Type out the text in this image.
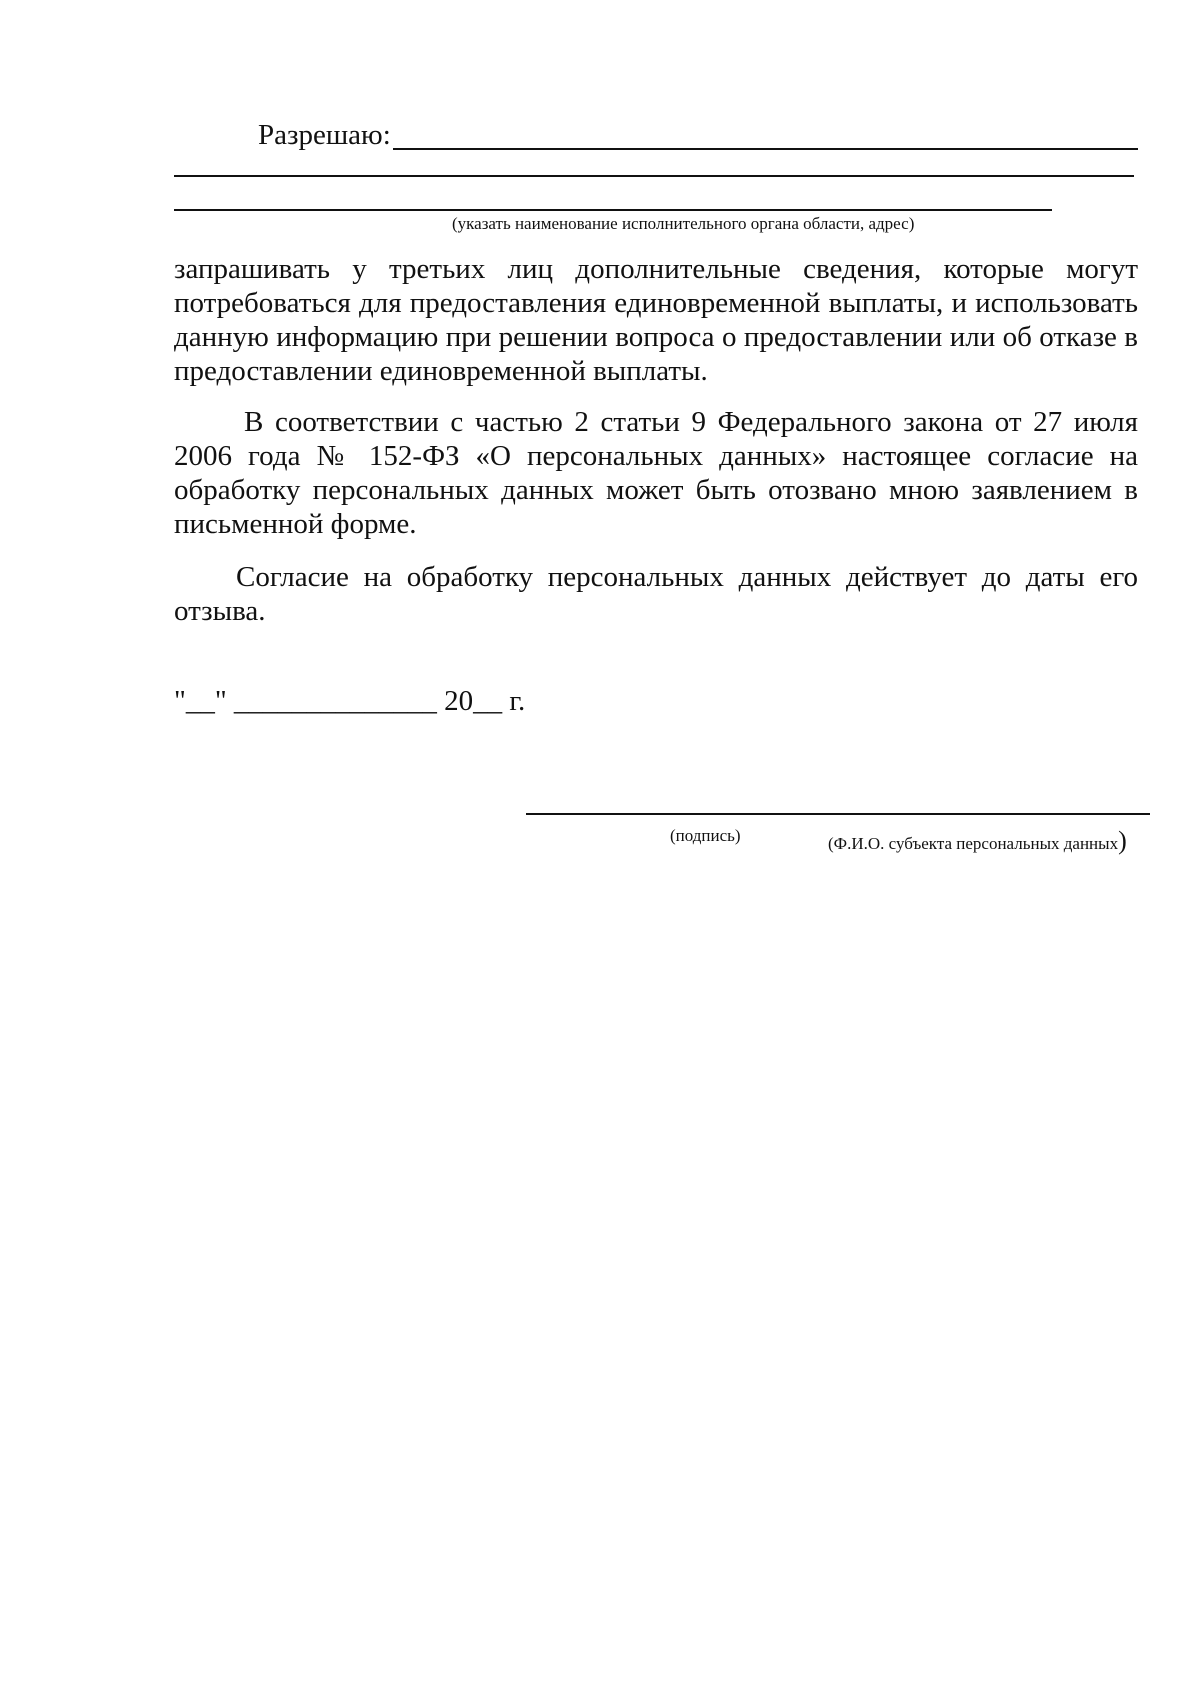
Разрешаю:
(указать наименование исполнительного органа области, адрес)

запрашивать у третьих лиц дополнительные сведения, которые могут потребоваться для предоставления единовременной выплаты, и использовать данную информацию при решении вопроса о предоставлении или об отказе в предоставлении единовременной выплаты.

В соответствии с частью 2 статьи 9 Федерального закона от 27 июля 2006 года № 152-ФЗ «О персональных данных» настоящее согласие на обработку персональных данных может быть отозвано мною заявлением в письменной форме.

Согласие на обработку персональных данных действует до даты его отзыва.

"__" ______________ 20__ г.
(подпись)	(Ф.И.О. субъекта персональных данных)
